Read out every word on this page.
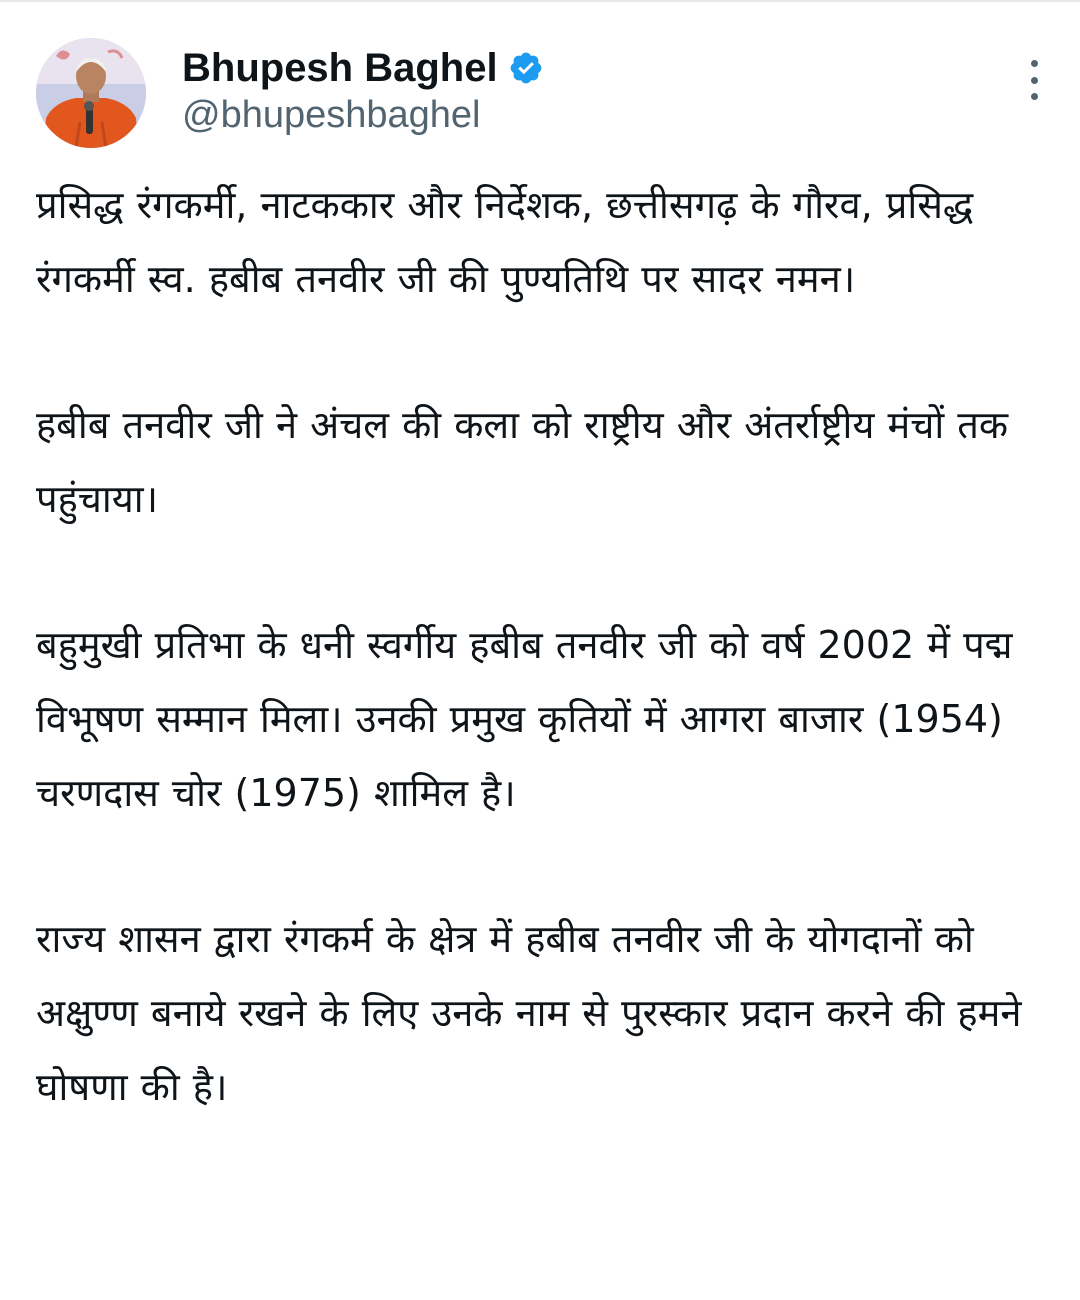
Bhupesh Baghel
@bhupeshbaghel

प्रसिद्ध रंगकर्मी, नाटककार और निर्देशक, छत्तीसगढ़ के गौरव, प्रसिद्ध रंगकर्मी स्व. हबीब तनवीर जी की पुण्यतिथि पर सादर नमन।

हबीब तनवीर जी ने अंचल की कला को राष्ट्रीय और अंतर्राष्ट्रीय मंचों तक पहुंचाया।

बहुमुखी प्रतिभा के धनी स्वर्गीय हबीब तनवीर जी को वर्ष 2002 में पद्म विभूषण सम्मान मिला। उनकी प्रमुख कृतियों में आगरा बाजार (1954) चरणदास चोर (1975) शामिल है।

राज्य शासन द्वारा रंगकर्म के क्षेत्र में हबीब तनवीर जी के योगदानों को अक्षुण्ण बनाये रखने के लिए उनके नाम से पुरस्कार प्रदान करने की हमने घोषणा की है।
